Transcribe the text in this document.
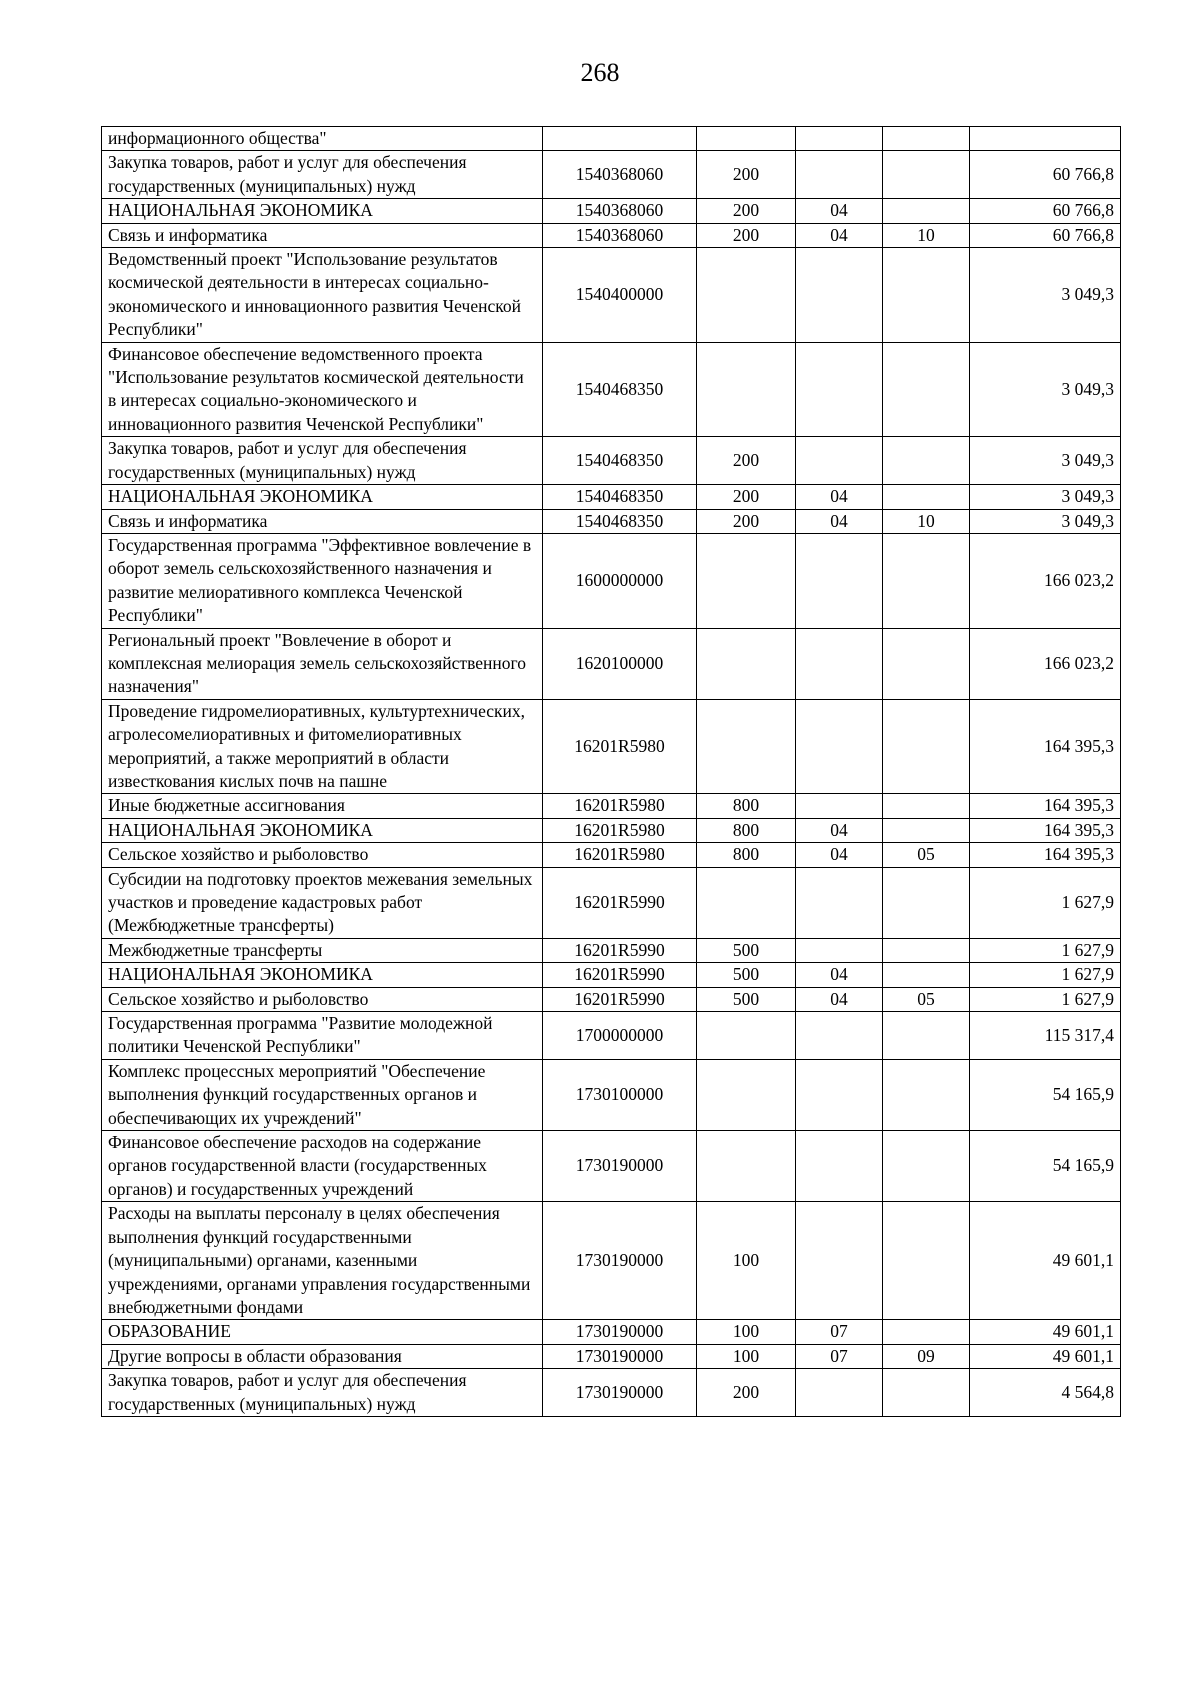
268
информационного общества"					
Закупка товаров, работ и услуг для обеспечения государственных (муниципальных) нужд	1540368060	200			60 766,8
НАЦИОНАЛЬНАЯ ЭКОНОМИКА	1540368060	200	04		60 766,8
Связь и информатика	1540368060	200	04	10	60 766,8
Ведомственный проект "Использование результатов космической деятельности в интересах социально-экономического и инновационного развития Чеченской Республики"	1540400000				3 049,3
Финансовое обеспечение ведомственного проекта "Использование результатов космической деятельности в интересах социально-экономического и инновационного развития Чеченской Республики"	1540468350				3 049,3
Закупка товаров, работ и услуг для обеспечения государственных (муниципальных) нужд	1540468350	200			3 049,3
НАЦИОНАЛЬНАЯ ЭКОНОМИКА	1540468350	200	04		3 049,3
Связь и информатика	1540468350	200	04	10	3 049,3
Государственная программа "Эффективное вовлечение в оборот земель сельскохозяйственного назначения и развитие мелиоративного комплекса Чеченской Республики"	1600000000				166 023,2
Региональный проект "Вовлечение в оборот и комплексная мелиорация земель сельскохозяйственного назначения"	1620100000				166 023,2
Проведение гидромелиоративных, культуртехнических, агролесомелиоративных и фитомелиоративных мероприятий, а также мероприятий в области известкования кислых почв на пашне	16201R5980				164 395,3
Иные бюджетные ассигнования	16201R5980	800			164 395,3
НАЦИОНАЛЬНАЯ ЭКОНОМИКА	16201R5980	800	04		164 395,3
Сельское хозяйство и рыболовство	16201R5980	800	04	05	164 395,3
Субсидии на подготовку проектов межевания земельных участков и проведение кадастровых работ (Межбюджетные трансферты)	16201R5990				1 627,9
Межбюджетные трансферты	16201R5990	500			1 627,9
НАЦИОНАЛЬНАЯ ЭКОНОМИКА	16201R5990	500	04		1 627,9
Сельское хозяйство и рыболовство	16201R5990	500	04	05	1 627,9
Государственная программа "Развитие молодежной политики Чеченской Республики"	1700000000				115 317,4
Комплекс процессных мероприятий "Обеспечение выполнения функций государственных органов и обеспечивающих их учреждений"	1730100000				54 165,9
Финансовое обеспечение расходов на содержание органов государственной власти (государственных органов) и государственных учреждений	1730190000				54 165,9
Расходы на выплаты персоналу в целях обеспечения выполнения функций государственными (муниципальными) органами, казенными учреждениями, органами управления государственными внебюджетными фондами	1730190000	100			49 601,1
ОБРАЗОВАНИЕ	1730190000	100	07		49 601,1
Другие вопросы в области образования	1730190000	100	07	09	49 601,1
Закупка товаров, работ и услуг для обеспечения государственных (муниципальных) нужд	1730190000	200			4 564,8
